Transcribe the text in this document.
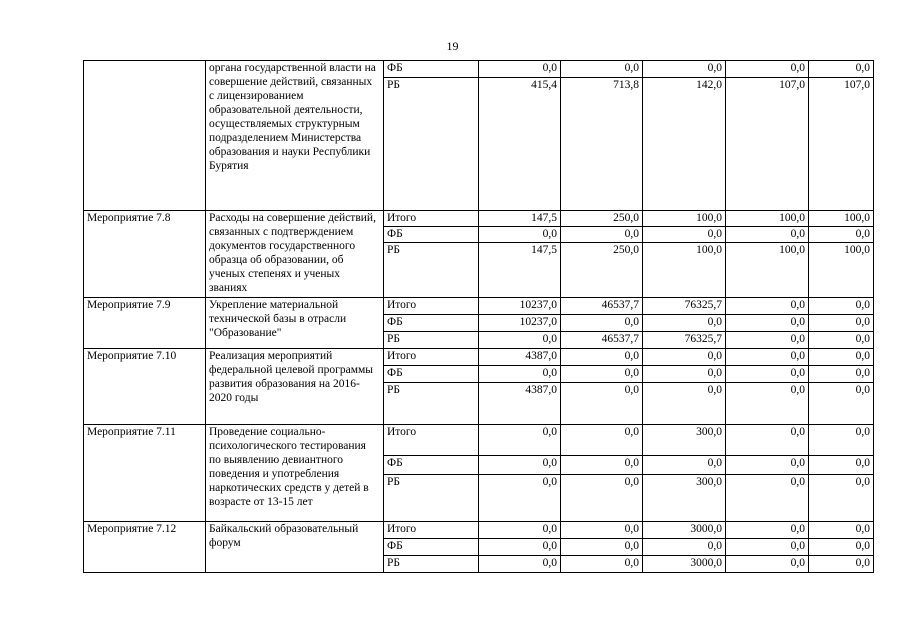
19
	органа государственной власти на совершение действий, связанных с лицензированием образовательной деятельности, осуществляемых структурным подразделением Министерства образования и науки Республики Бурятия	ФБ	0,0	0,0	0,0	0,0	0,0
		РБ	415,4	713,8	142,0	107,0	107,0
Мероприятие 7.8	Расходы на совершение действий, связанных с подтверждением документов государственного образца об образовании, об ученых степенях и ученых званиях	Итого	147,5	250,0	100,0	100,0	100,0
		ФБ	0,0	0,0	0,0	0,0	0,0
		РБ	147,5	250,0	100,0	100,0	100,0
Мероприятие 7.9	Укрепление материальной технической базы в отрасли "Образование"	Итого	10237,0	46537,7	76325,7	0,0	0,0
		ФБ	10237,0	0,0	0,0	0,0	0,0
		РБ	0,0	46537,7	76325,7	0,0	0,0
Мероприятие 7.10	Реализация мероприятий федеральной целевой программы развития образования на 2016-2020 годы	Итого	4387,0	0,0	0,0	0,0	0,0
		ФБ	0,0	0,0	0,0	0,0	0,0
		РБ	4387,0	0,0	0,0	0,0	0,0
Мероприятие 7.11	Проведение социально-психологического тестирования по выявлению девиантного поведения и употребления наркотических средств у детей в возрасте от 13-15 лет	Итого	0,0	0,0	300,0	0,0	0,0
		ФБ	0,0	0,0	0,0	0,0	0,0
		РБ	0,0	0,0	300,0	0,0	0,0
Мероприятие 7.12	Байкальский образовательный форум	Итого	0,0	0,0	3000,0	0,0	0,0
		ФБ	0,0	0,0	0,0	0,0	0,0
		РБ	0,0	0,0	3000,0	0,0	0,0
